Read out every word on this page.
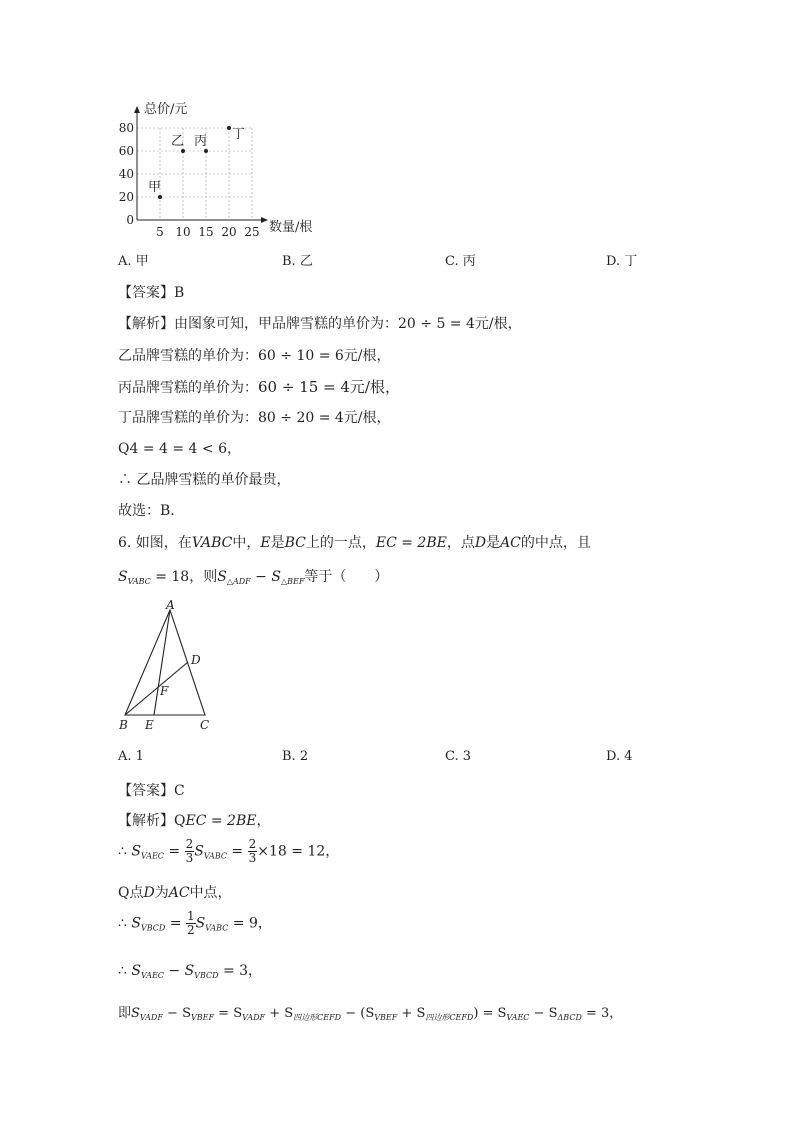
总价/元
数量/根
0
20
40
60
80
5 10 15 20 25
甲
乙 丙 丁
A. 甲	B. 乙	C. 丙	D. 丁
【答案】B
【解析】由图象可知，甲品牌雪糕的单价为：20 ÷ 5 = 4元/根，
乙品牌雪糕的单价为：60 ÷ 10 = 6元/根，
丙品牌雪糕的单价为：60 ÷ 15 = 4元/根，
丁品牌雪糕的单价为：80 ÷ 20 = 4元/根，
Q4 = 4 = 4 < 6，
∴ 乙品牌雪糕的单价最贵，
故选：B．
6. 如图，在VABC中，E是BC上的一点，EC = 2BE，点D是AC的中点，且
$S_{VABC} = 18$，则$S_{\triangle ADF} - S_{\triangle BEF}$等于（　　）
A
B	C
D
E
F
A. 1	B. 2	C. 3	D. 4
【答案】C
【解析】QEC = 2BE，
∴ $S_{VAEC} = \frac{2}{3} S_{VABC} = \frac{2}{3} \times 18 = 12$，
Q点D为AC中点，
∴ $S_{VBCD} = \frac{1}{2} S_{VABC} = 9$，
∴ $S_{VAEC} - S_{VBCD} = 3$，
即$S_{VADF} - S_{VBEF} = S_{VADF} + S_{四边形CEFD} - (S_{VBEF} + S_{四边形CEFD}) = S_{VAEC} - S_{\Delta BCD} = 3$，
